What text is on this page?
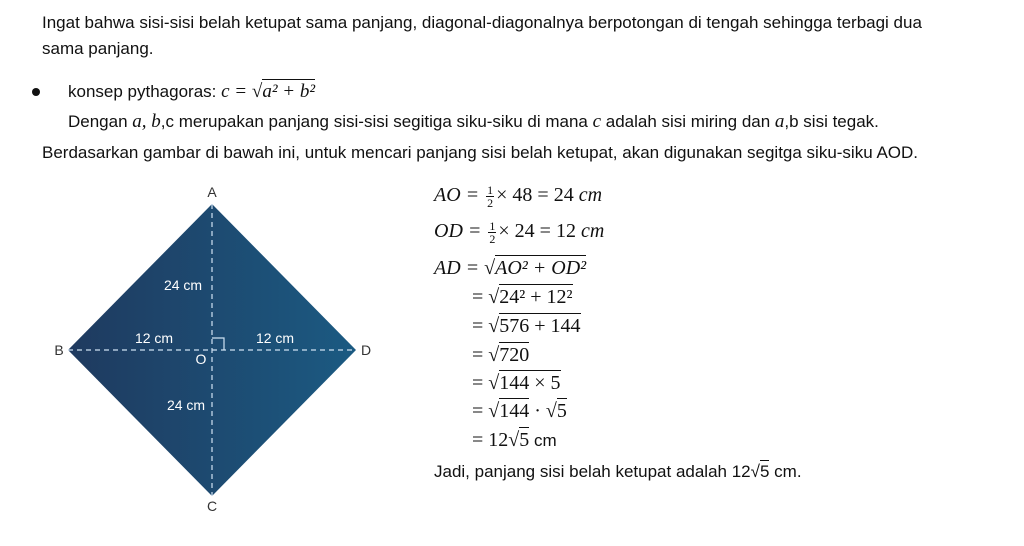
Ingat bahwa sisi-sisi belah ketupat sama panjang, diagonal-diagonalnya berpotongan di tengah sehingga terbagi dua
sama panjang.
konsep pythagoras: c = √a² + b²
Dengan a, b,c merupakan panjang sisi-sisi segitiga siku-siku di mana c adalah sisi miring dan a,b sisi tegak.
Berdasarkan gambar di bawah ini, untuk mencari panjang sisi belah ketupat, akan digunakan segitga siku-siku AOD.
A
B
C
D
O
24 cm
24 cm
12 cm	12 cm
AO = $\frac{1}{2} \times 48 = 24$ cm
OD = $\frac{1}{2} \times 24 = 12$ cm
AD = √AO² + OD²
= √24² + 12²
= √576 + 144
= √720
= √144 × 5
= √144 · √5
= 12√5 cm
Jadi, panjang sisi belah ketupat adalah 12√5 cm.
